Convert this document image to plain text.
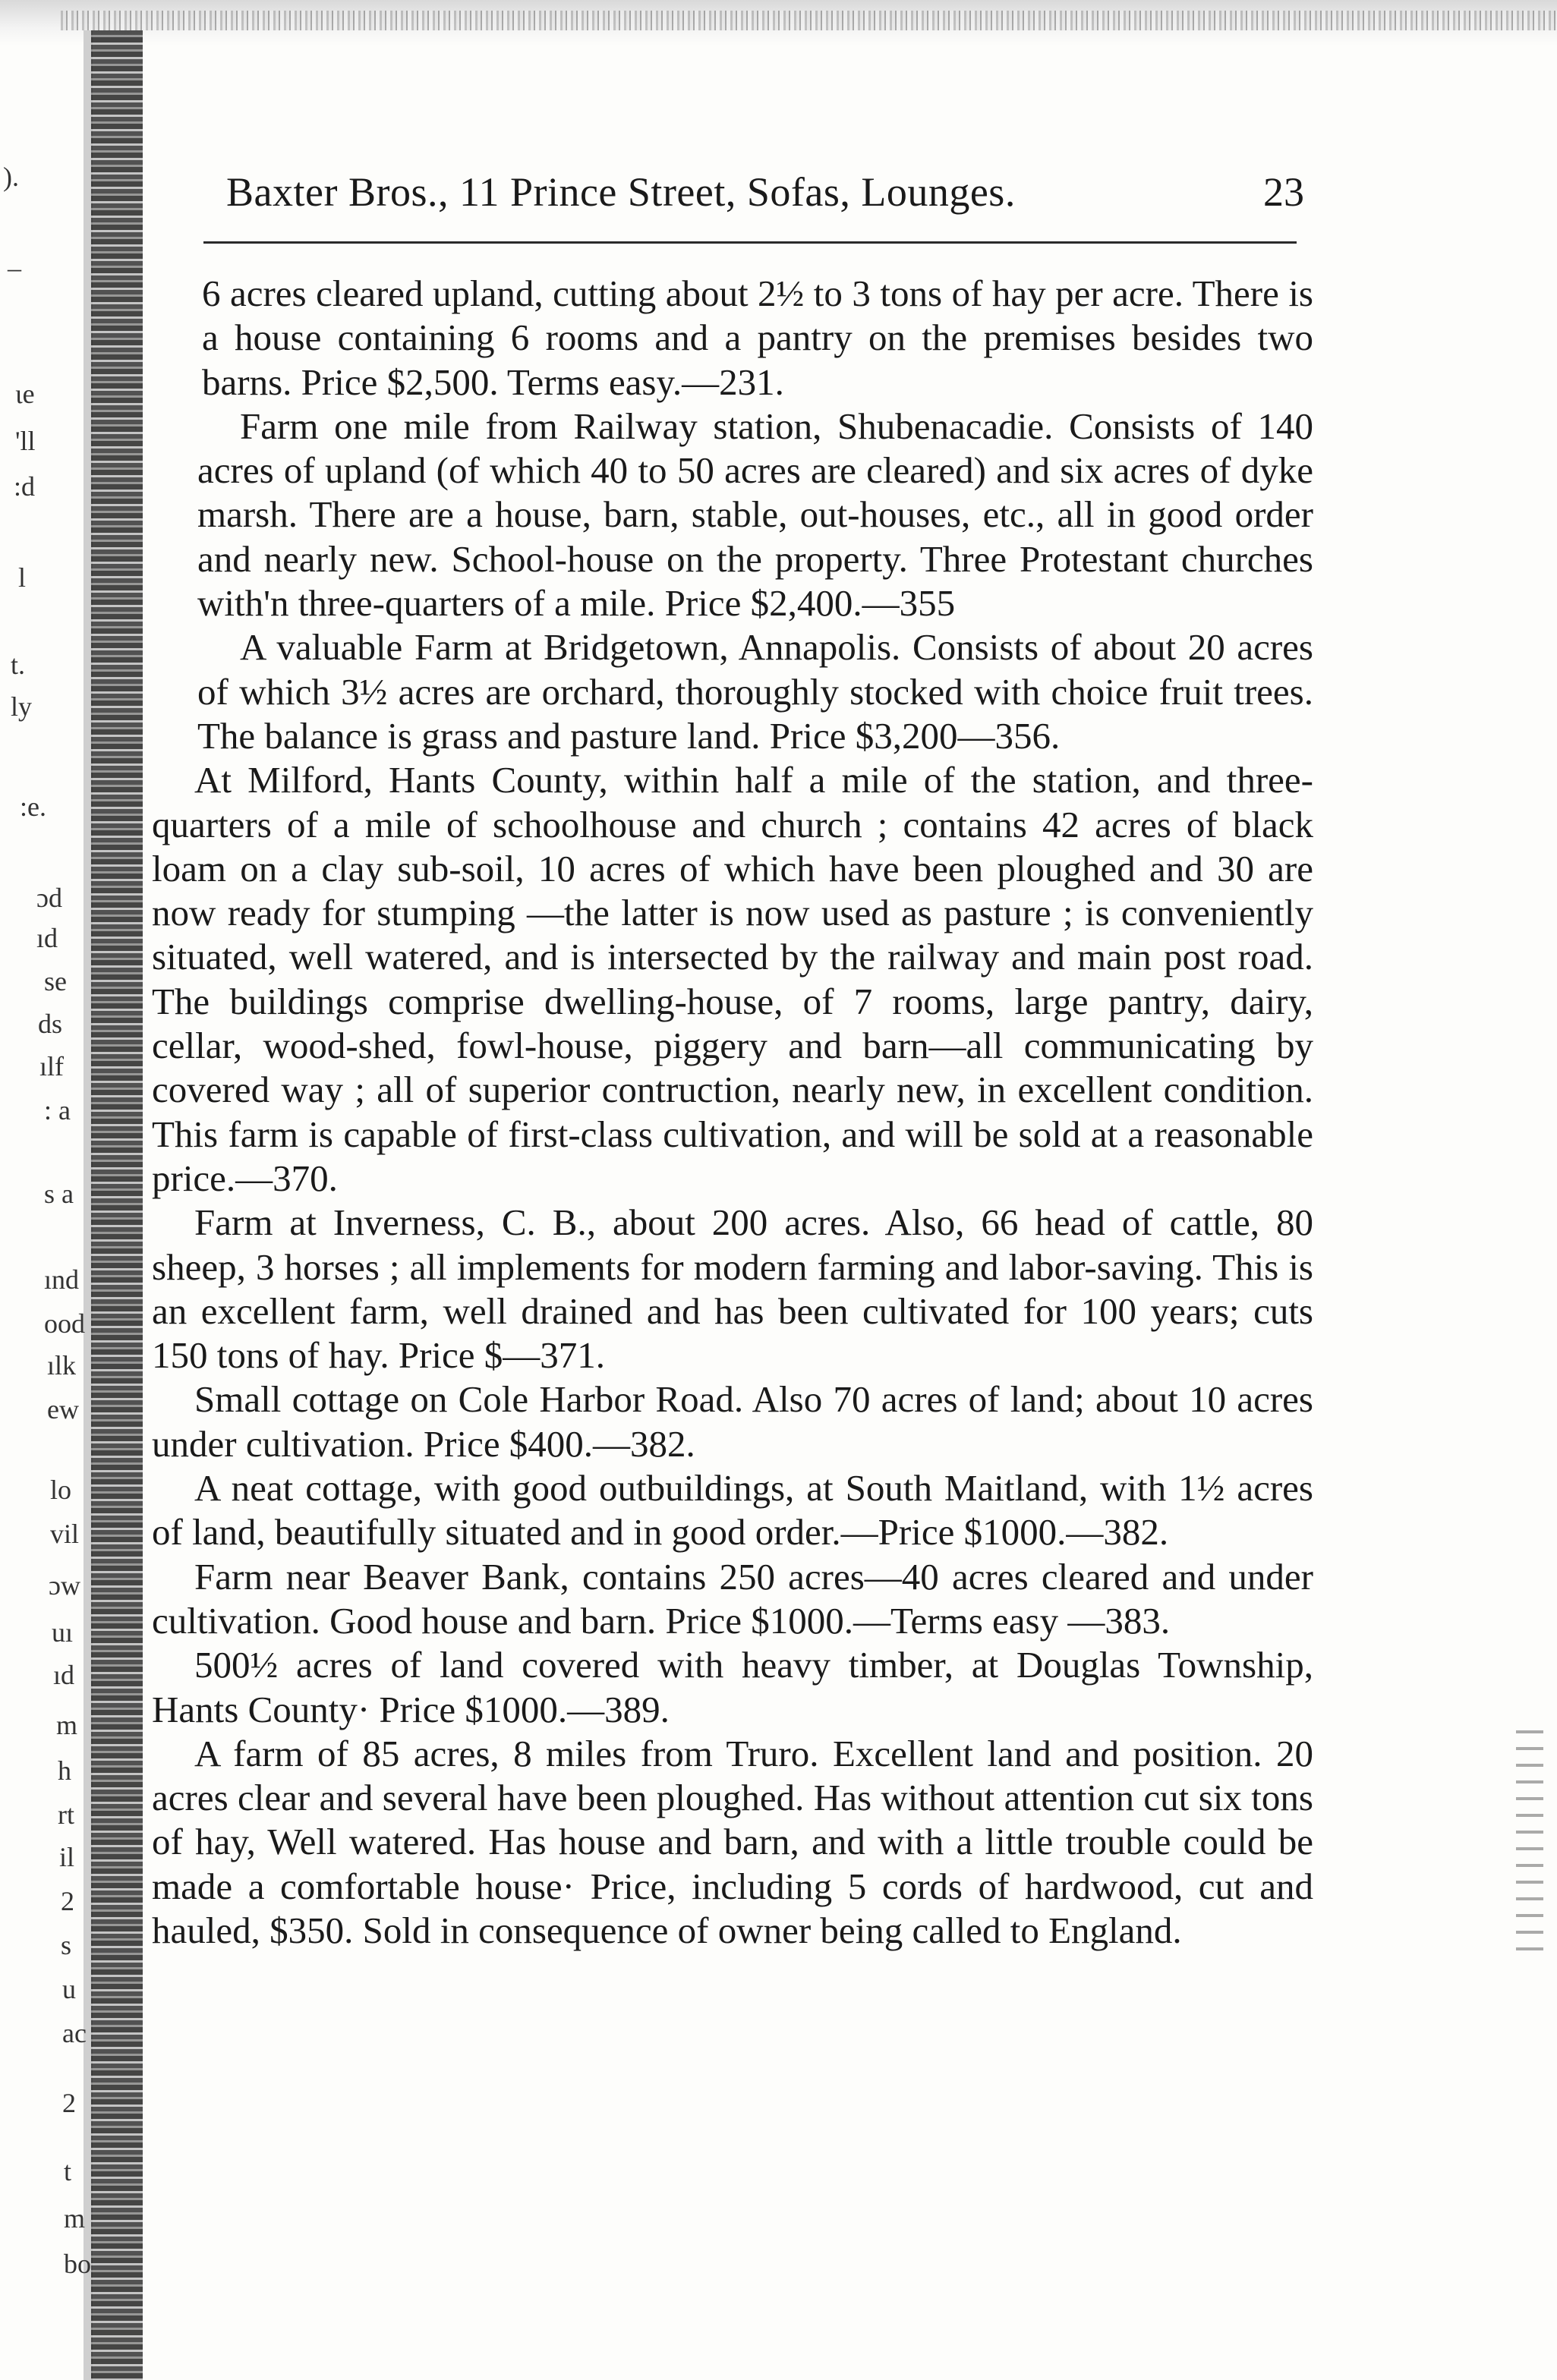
).
–
ιe
'll
:d
l
t.
ly
:e.
ɔd
ıd
se
ds
ılf
: a
s a
ınd
ood
ılk
ew
lo
vil
ɔw
uı
ıd
m
h
rt
il
2
s
u
ac
2
t
m
bo
Baxter Bros., 11 Prince Street, Sofas, Lounges.	23

6 acres cleared upland, cutting about 2½ to 3 tons of hay per acre. There is a house containing 6 rooms and a pantry on the premises besides two barns. Price $2,500. Terms easy.—231.

Farm one mile from Railway station, Shubenacadie. Consists of 140 acres of upland (of which 40 to 50 acres are cleared) and six acres of dyke marsh. There are a house, barn, stable, out-houses, etc., all in good order and nearly new. School-house on the property. Three Protestant churches with'n three-quarters of a mile. Price $2,400.—355

A valuable Farm at Bridgetown, Annapolis. Consists of about 20 acres of which 3½ acres are orchard, thoroughly stocked with choice fruit trees. The balance is grass and pasture land. Price $3,200—356.

At Milford, Hants County, within half a mile of the station, and three-quarters of a mile of schoolhouse and church ; contains 42 acres of black loam on a clay sub-soil, 10 acres of which have been ploughed and 30 are now ready for stumping —the latter is now used as pasture ; is conveniently situated, well watered, and is intersected by the railway and main post road. The buildings comprise dwelling-house, of 7 rooms, large pantry, dairy, cellar, wood-shed, fowl-house, piggery and barn—all communicating by covered way ; all of superior contruction, nearly new, in excellent condition. This farm is capable of first-class cultivation, and will be sold at a reasonable price.—370.

Farm at Inverness, C. B., about 200 acres. Also, 66 head of cattle, 80 sheep, 3 horses ; all implements for modern farming and labor-saving. This is an excellent farm, well drained and has been cultivated for 100 years; cuts 150 tons of hay. Price $—371.

Small cottage on Cole Harbor Road. Also 70 acres of land; about 10 acres under cultivation. Price $400.—382.

A neat cottage, with good outbuildings, at South Maitland, with 1½ acres of land, beautifully situated and in good order.—Price $1000.—382.

Farm near Beaver Bank, contains 250 acres—40 acres cleared and under cultivation. Good house and barn. Price $1000.—Terms easy —383.

500½ acres of land covered with heavy timber, at Douglas Township, Hants County· Price $1000.—389.

A farm of 85 acres, 8 miles from Truro. Excellent land and position. 20 acres clear and several have been ploughed. Has without attention cut six tons of hay, Well watered. Has house and barn, and with a little trouble could be made a comfortable house· Price, including 5 cords of hardwood, cut and hauled, $350. Sold in consequence of owner being called to England.
